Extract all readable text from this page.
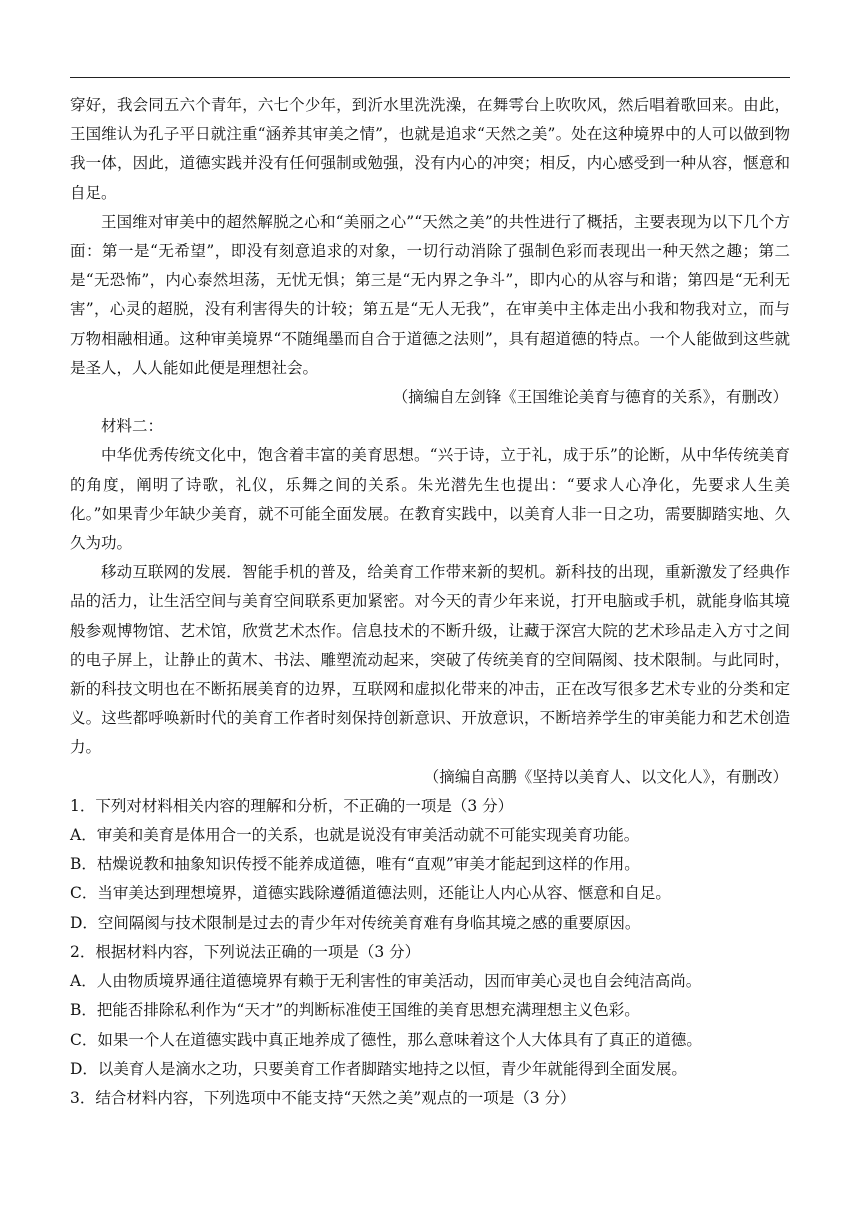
穿好，我会同五六个青年，六七个少年，到沂水里洗洗澡，在舞雩台上吹吹风，然后唱着歌回来。由此，王国维认为孔子平日就注重“涵养其审美之情”，也就是追求“天然之美”。处在这种境界中的人可以做到物我一体，因此，道德实践并没有任何强制或勉强，没有内心的冲突；相反，内心感受到一种从容，惬意和自足。

王国维对审美中的超然解脱之心和“美丽之心”“天然之美”的共性进行了概括，主要表现为以下几个方面：第一是“无希望”，即没有刻意追求的对象，一切行动消除了强制色彩而表现出一种天然之趣；第二是“无恐怖”，内心泰然坦荡，无忧无惧；第三是“无内界之争斗”，即内心的从容与和谐；第四是“无利无害”，心灵的超脱，没有利害得失的计较；第五是“无人无我”，在审美中主体走出小我和物我对立，而与万物相融相通。这种审美境界“不随绳墨而自合于道德之法则”，具有超道德的特点。一个人能做到这些就是圣人，人人能如此便是理想社会。

（摘编自左剑锋《王国维论美育与德育的关系》，有删改）

材料二：

中华优秀传统文化中，饱含着丰富的美育思想。“兴于诗，立于礼，成于乐”的论断，从中华传统美育的角度，阐明了诗歌，礼仪，乐舞之间的关系。朱光潜先生也提出：“要求人心净化，先要求人生美化。”如果青少年缺少美育，就不可能全面发展。在教育实践中，以美育人非一日之功，需要脚踏实地、久久为功。

移动互联网的发展．智能手机的普及，给美育工作带来新的契机。新科技的出现，重新激发了经典作品的活力，让生活空间与美育空间联系更加紧密。对今天的青少年来说，打开电脑或手机，就能身临其境般参观博物馆、艺术馆，欣赏艺术杰作。信息技术的不断升级，让藏于深宫大院的艺术珍品走入方寸之间的电子屏上，让静止的黄木、书法、雕塑流动起来，突破了传统美育的空间隔阂、技术限制。与此同时，新的科技文明也在不断拓展美育的边界，互联网和虚拟化带来的冲击，正在改写很多艺术专业的分类和定义。这些都呼唤新时代的美育工作者时刻保持创新意识、开放意识，不断培养学生的审美能力和艺术创造力。

（摘编自高鹏《坚持以美育人、以文化人》，有删改）

1．下列对材料相关内容的理解和分析，不正确的一项是（3 分）

A．审美和美育是体用合一的关系，也就是说没有审美活动就不可能实现美育功能。

B．枯燥说教和抽象知识传授不能养成道德，唯有“直观”审美才能起到这样的作用。

C．当审美达到理想境界，道德实践除遵循道德法则，还能让人内心从容、惬意和自足。

D．空间隔阂与技术限制是过去的青少年对传统美育难有身临其境之感的重要原因。

2．根据材料内容，下列说法正确的一项是（3 分）

A．人由物质境界通往道德境界有赖于无利害性的审美活动，因而审美心灵也自会纯洁高尚。

B．把能否排除私利作为“天才”的判断标准使王国维的美育思想充满理想主义色彩。

C．如果一个人在道德实践中真正地养成了德性，那么意味着这个人大体具有了真正的道德。

D．以美育人是滴水之功，只要美育工作者脚踏实地持之以恒，青少年就能得到全面发展。

3．结合材料内容，下列选项中不能支持“天然之美”观点的一项是（3 分）
